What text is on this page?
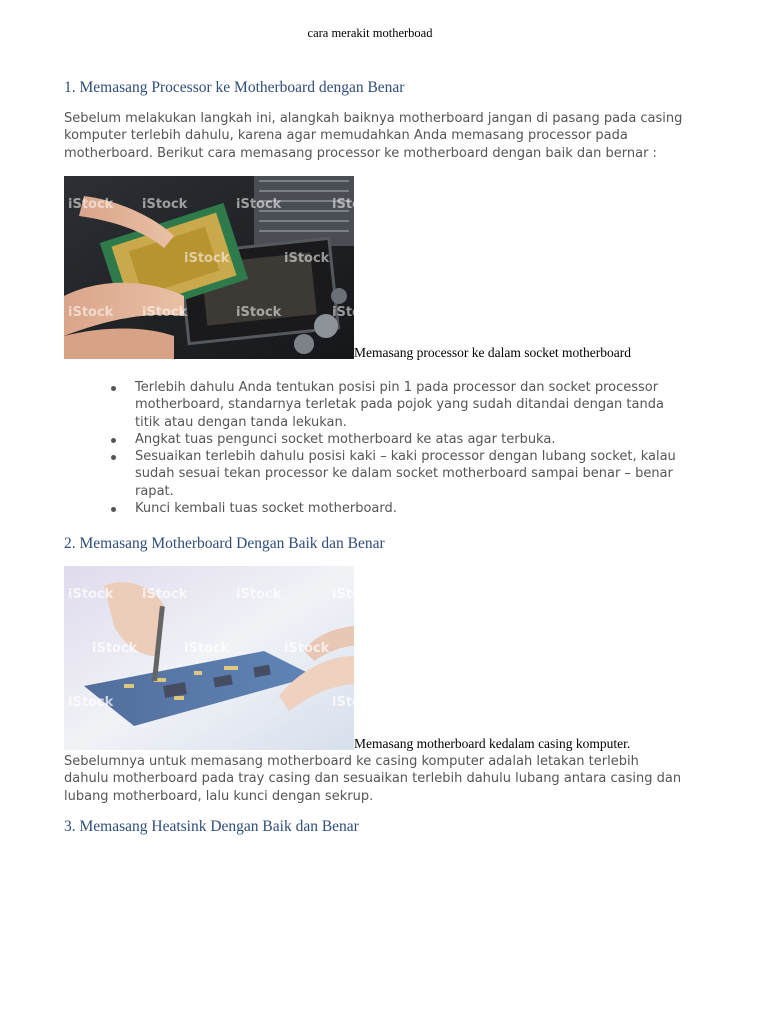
cara merakit motherboad
1. Memasang Processor ke Motherboard dengan Benar
Sebelum melakukan langkah ini, alangkah baiknya motherboard jangan di pasang pada casing komputer terlebih dahulu, karena agar memudahkan Anda memasang processor pada motherboard. Berikut cara memasang processor ke motherboard dengan baik dan bernar :
iStock iStock	iStock	iStock
iStock iStock	iStock	iStock
iStock	iStock
Memasang processor ke dalam socket motherboard
Terlebih dahulu Anda tentukan posisi pin 1 pada processor dan socket processor motherboard, standarnya terletak pada pojok yang sudah ditandai dengan tanda titik atau dengan tanda lekukan.
Angkat tuas pengunci socket motherboard ke atas agar terbuka.
Sesuaikan terlebih dahulu posisi kaki – kaki processor dengan lubang socket, kalau sudah sesuai tekan processor ke dalam socket motherboard sampai benar – benar rapat.
Kunci kembali tuas socket motherboard.
2. Memasang Motherboard Dengan Baik dan Benar
iStock iStock	iStock	iStock
iStock	iStock	iStock
iStock	iStock
Memasang motherboard kedalam casing komputer.
Sebelumnya untuk memasang motherboard ke casing komputer adalah letakan terlebih dahulu motherboard pada tray casing dan sesuaikan terlebih dahulu lubang antara casing dan lubang motherboard, lalu kunci dengan sekrup.
3. Memasang Heatsink Dengan Baik dan Benar
